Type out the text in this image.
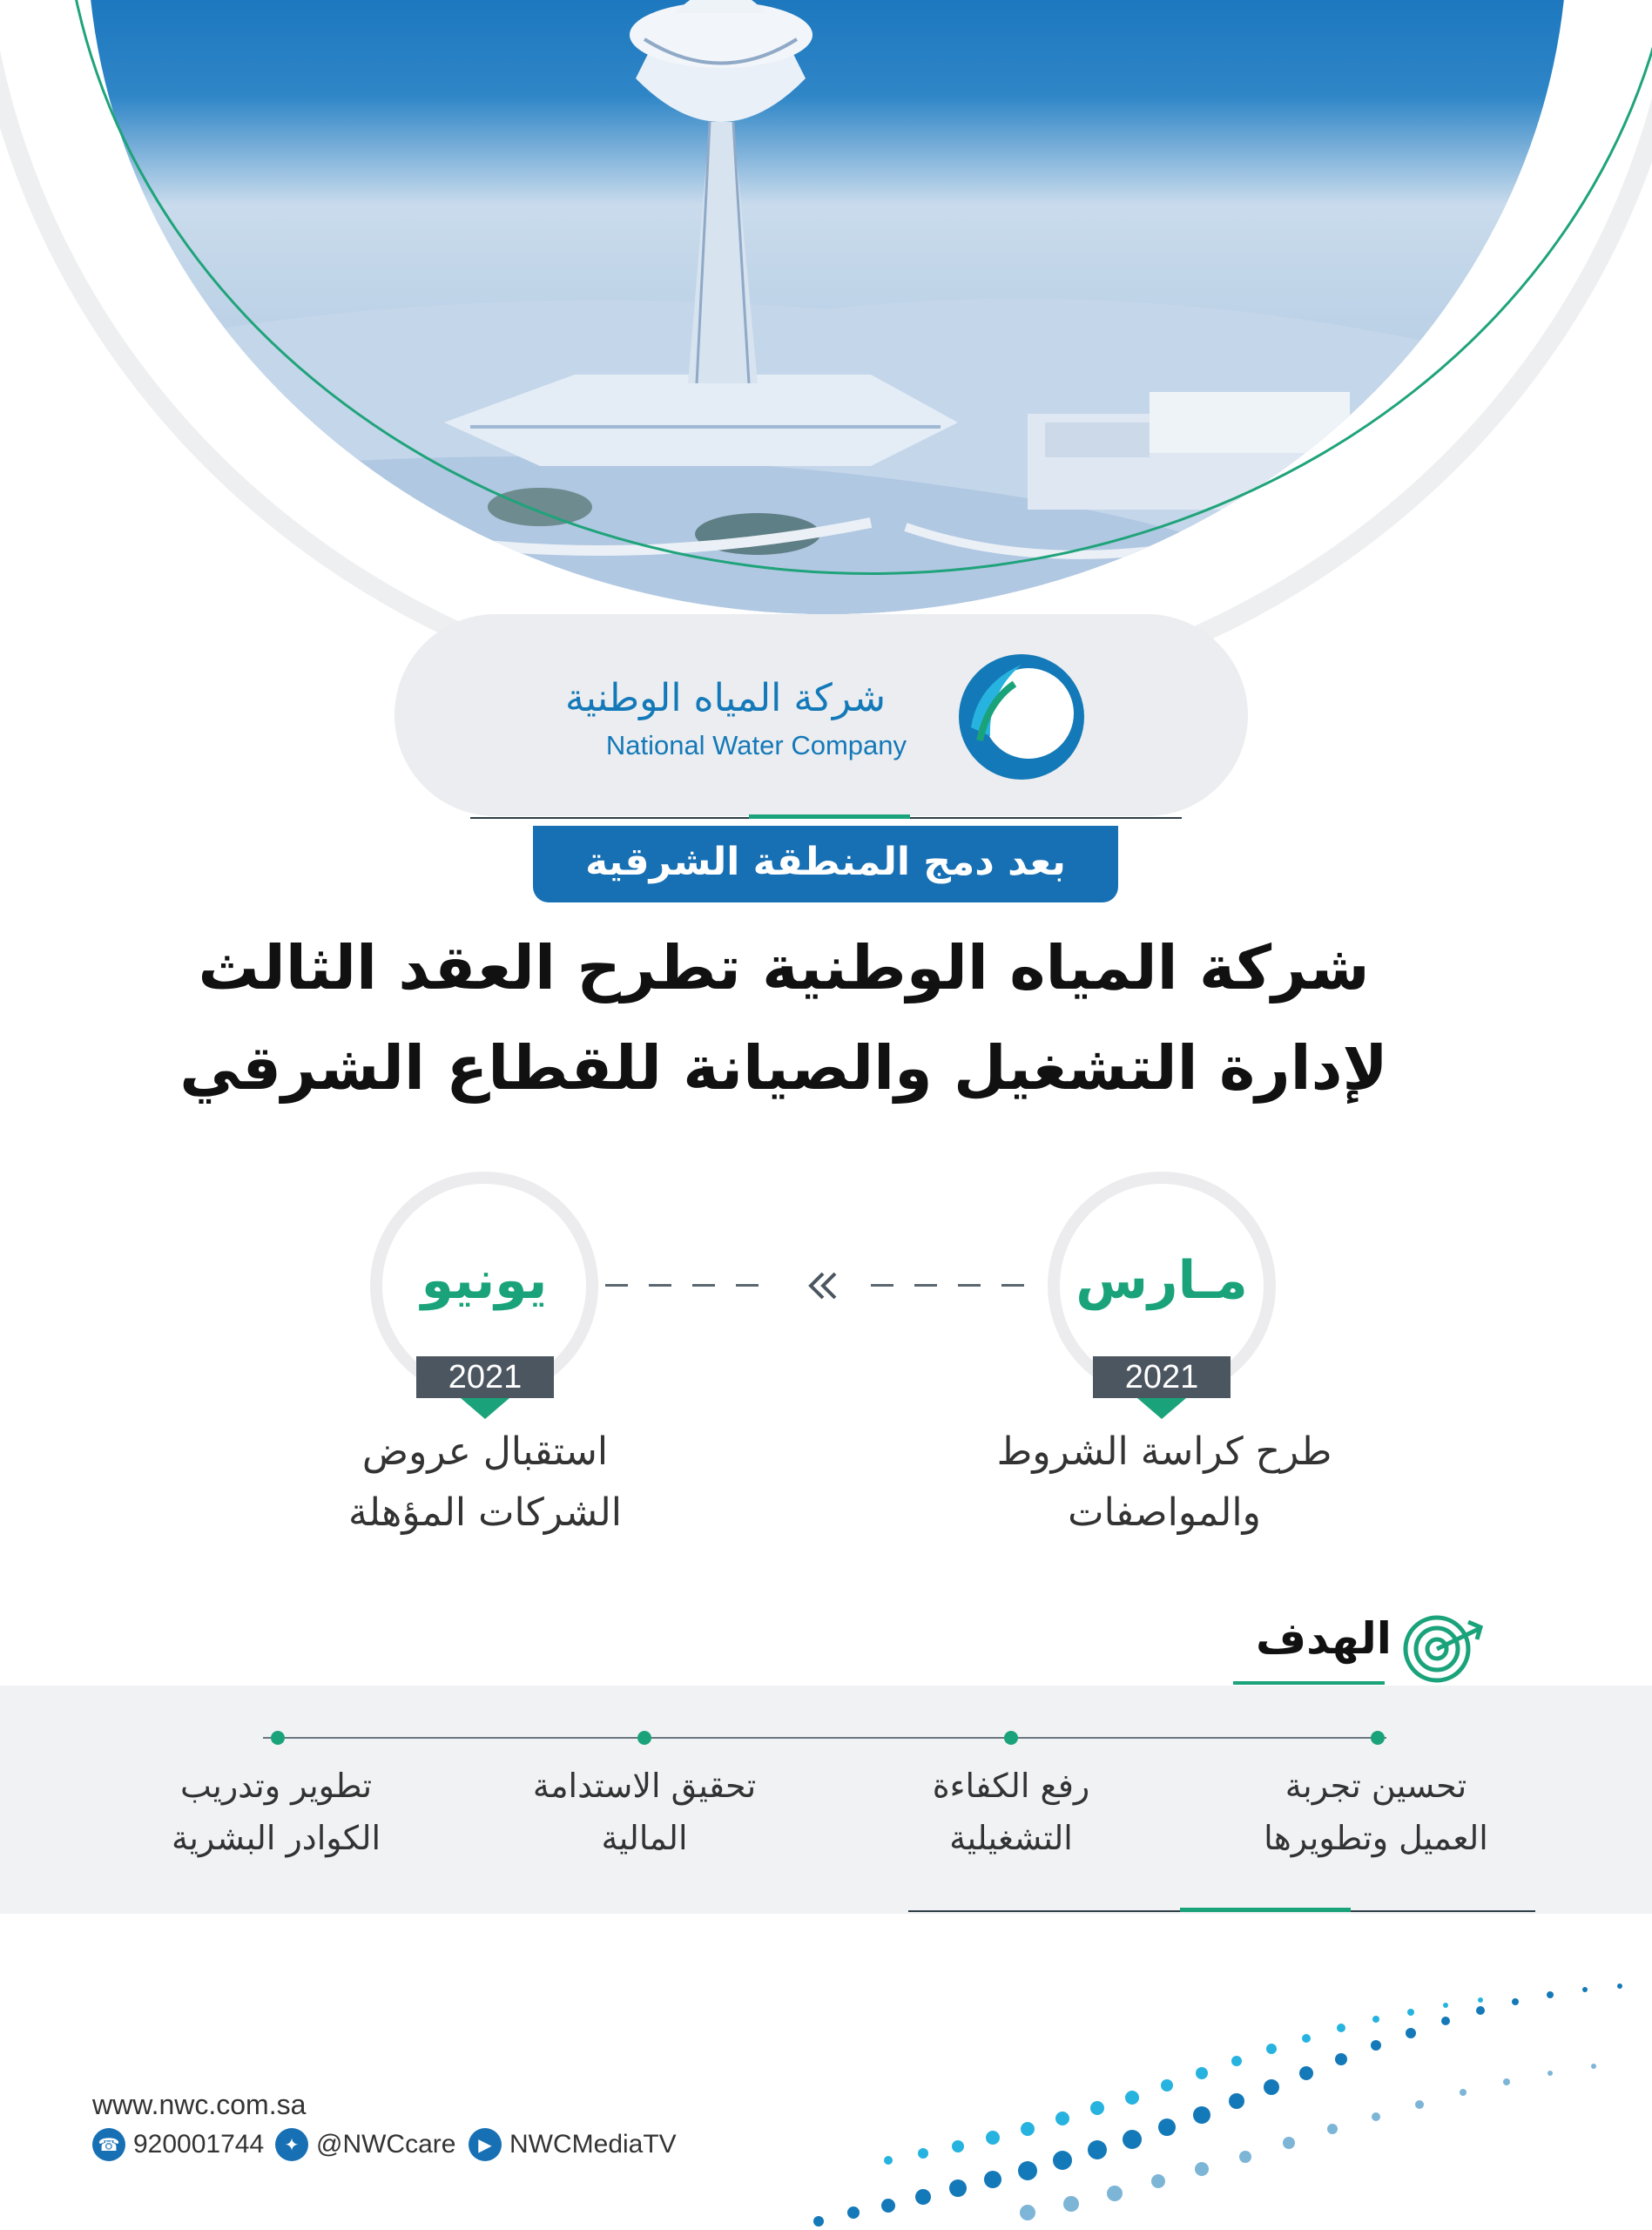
شركة المياه الوطنية
National Water Company
بعد دمج المنطقة الشرقية
شركة المياه الوطنية تطرح العقد الثالث
لإدارة التشغيل والصيانة للقطاع الشرقي
مـارس
2021
طرح كراسة الشروط
والمواصفات
يونيو
2021
استقبال عروض
الشركات المؤهلة
الهدف
تحسين تجربة
العميل وتطويرها
رفع الكفاءة
التشغيلية
تحقيق الاستدامة
المالية
تطوير وتدريب
الكوادر البشرية
www.nwc.com.sa
☎ 920001744	✦ @NWCcare	▶ NWCMediaTV
